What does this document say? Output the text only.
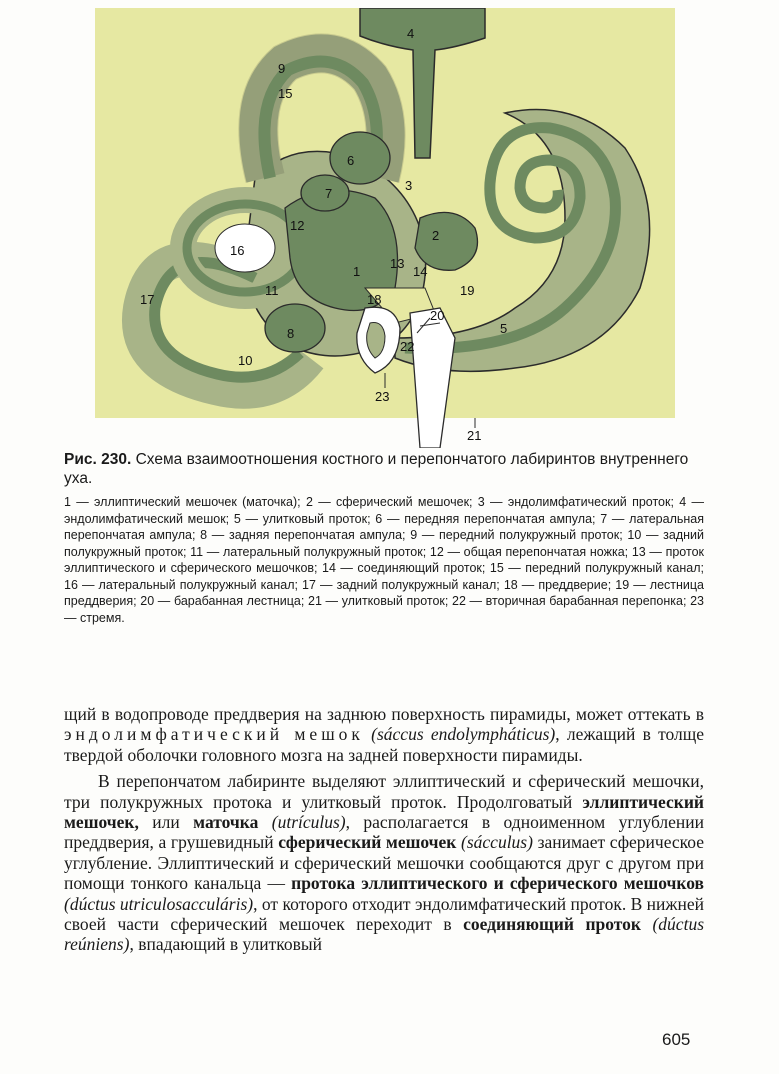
4
9
15
6
3
7
12
16
1
2
13
14
11
17	18
19
20
5
8
22
10
23
21

Рис. 230. Схема взаимоотношения костного и перепончатого лабиринтов внутреннего уха.

1 — эллиптический мешочек (маточка); 2 — сферический мешочек; 3 — эндолимфатический проток; 4 — эндолимфатический мешок; 5 — улитковый проток; 6 — передняя перепончатая ампула; 7 — латеральная перепончатая ампула; 8 — задняя перепончатая ампула; 9 — передний полукружный проток; 10 — задний полукружный проток; 11 — латеральный полукружный проток; 12 — общая перепончатая ножка; 13 — проток эллиптического и сферического мешочков; 14 — соединяющий проток; 15 — передний полукружный канал; 16 — латеральный полукружный канал; 17 — задний полукружный канал; 18 — преддверие; 19 — лестница преддверия; 20 — барабанная лестница; 21 — улитковый проток; 22 — вторичная барабанная перепонка; 23 — стремя.

щий в водопроводе преддверия на заднюю поверхность пирамиды, может оттекать в эндолимфатический мешок (sáccus endolympháticus), лежащий в толще твердой оболочки головного мозга на задней поверхности пирамиды.

В перепончатом лабиринте выделяют эллиптический и сферический мешочки, три полукружных протока и улитковый проток. Продолговатый эллиптический мешочек, или маточка (utrículus), располагается в одноименном углублении преддверия, а грушевидный сферический мешочек (sácculus) занимает сферическое углубление. Эллиптический и сферический мешочки сообщаются друг с другом при помощи тонкого канальца — протока эллиптического и сферического мешочков (dúctus utriculosacculáris), от которого отходит эндолимфатический проток. В нижней своей части сферический мешочек переходит в соединяющий проток (dúctus reúniens), впадающий в улитковый

605
